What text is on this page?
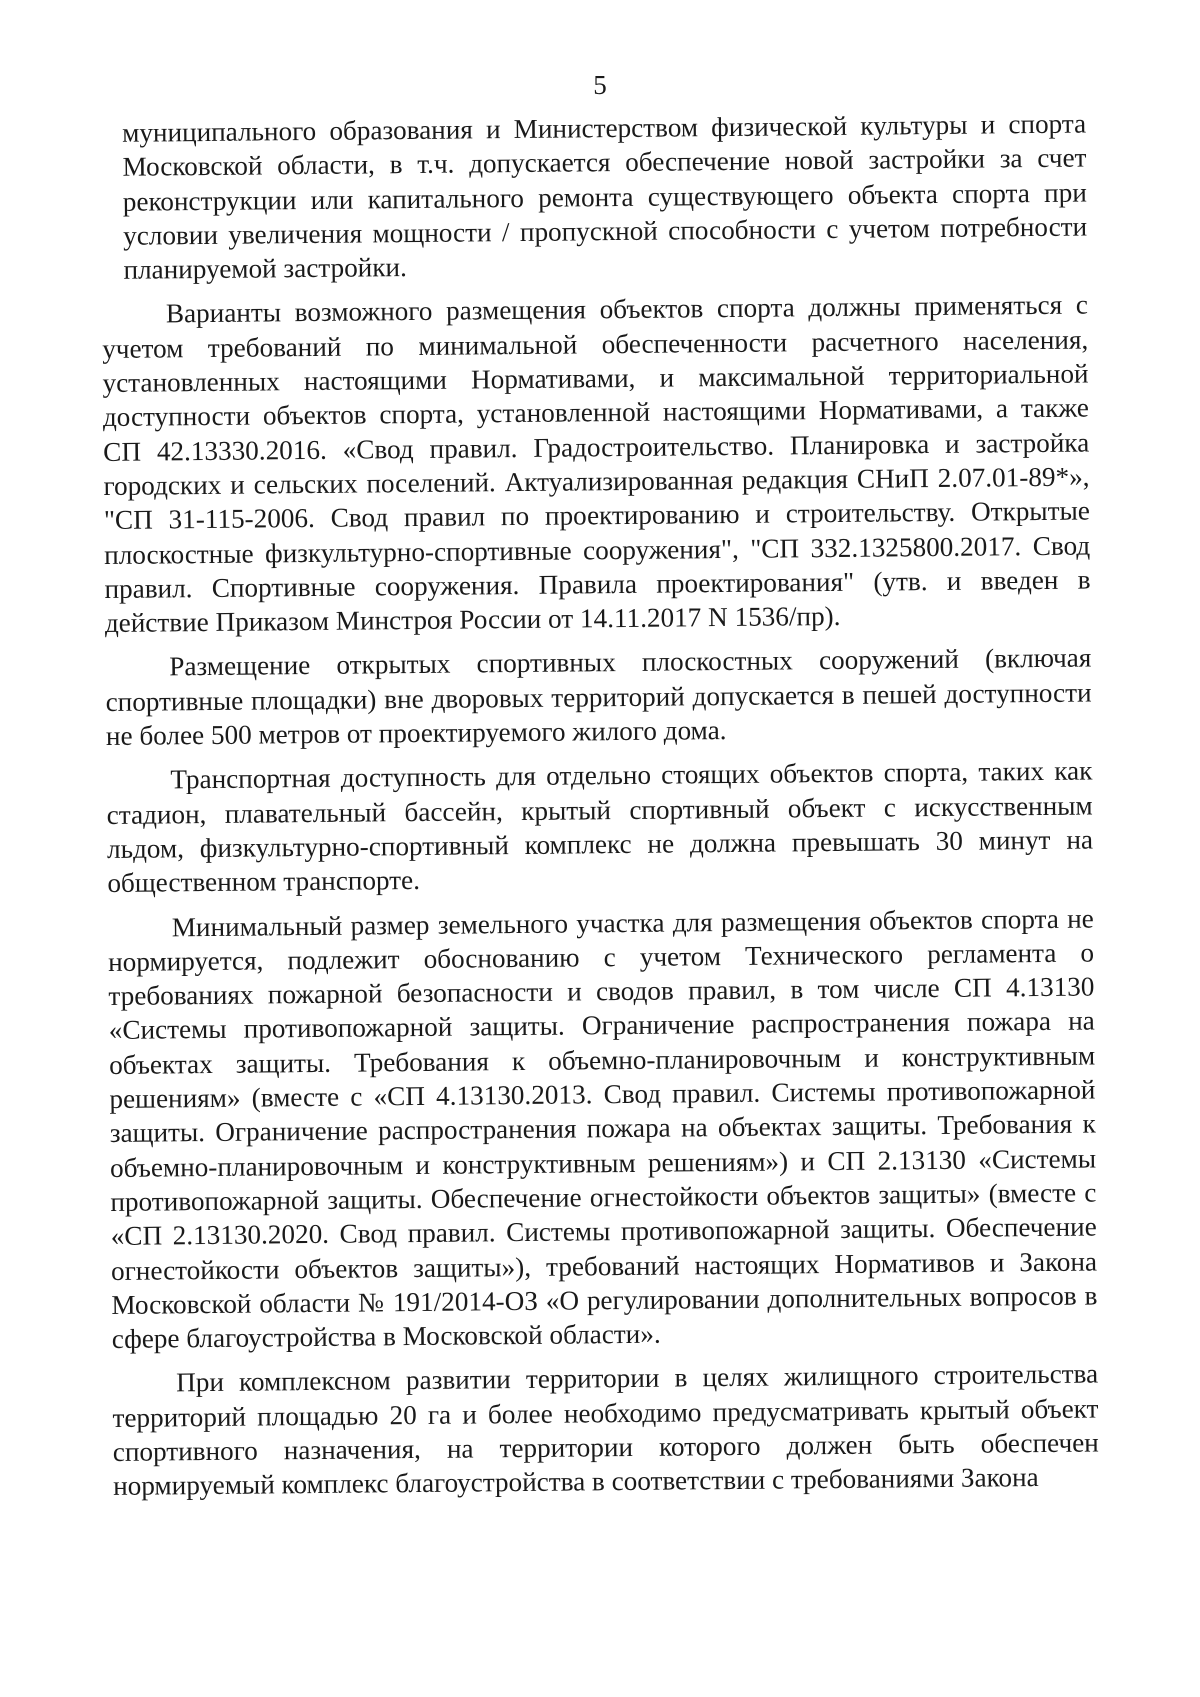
5

муниципального образования и Министерством физической культуры и спорта Московской области, в т.ч. допускается обеспечение новой застройки за счет реконструкции или капитального ремонта существующего объекта спорта при условии увеличения мощности / пропускной способности с учетом потребности планируемой застройки.

Варианты возможного размещения объектов спорта должны применяться с учетом требований по минимальной обеспеченности расчетного населения, установленных настоящими Нормативами, и максимальной территориальной доступности объектов спорта, установленной настоящими Нормативами, а также СП 42.13330.2016. «Свод правил. Градостроительство. Планировка и застройка городских и сельских поселений. Актуализированная редакция СНиП 2.07.01-89*», "СП 31-115-2006. Свод правил по проектированию и строительству. Открытые плоскостные физкультурно-спортивные сооружения", "СП 332.1325800.2017. Свод правил. Спортивные сооружения. Правила проектирования" (утв. и введен в действие Приказом Минстроя России от 14.11.2017 N 1536/пр).

Размещение открытых спортивных плоскостных сооружений (включая спортивные площадки) вне дворовых территорий допускается в пешей доступности не более 500 метров от проектируемого жилого дома.

Транспортная доступность для отдельно стоящих объектов спорта, таких как стадион, плавательный бассейн, крытый спортивный объект с искусственным льдом, физкультурно-спортивный комплекс не должна превышать 30 минут на общественном транспорте.

Минимальный размер земельного участка для размещения объектов спорта не нормируется, подлежит обоснованию с учетом Технического регламента о требованиях пожарной безопасности и сводов правил, в том числе СП 4.13130 «Системы противопожарной защиты. Ограничение распространения пожара на объектах защиты. Требования к объемно-планировочным и конструктивным решениям» (вместе с «СП 4.13130.2013. Свод правил. Системы противопожарной защиты. Ограничение распространения пожара на объектах защиты. Требования к объемно-планировочным и конструктивным решениям») и СП 2.13130 «Системы противопожарной защиты. Обеспечение огнестойкости объектов защиты» (вместе с «СП 2.13130.2020. Свод правил. Системы противопожарной защиты. Обеспечение огнестойкости объектов защиты»), требований настоящих Нормативов и Закона Московской области № 191/2014-ОЗ «О регулировании дополнительных вопросов в сфере благоустройства в Московской области».

При комплексном развитии территории в целях жилищного строительства территорий площадью 20 га и более необходимо предусматривать крытый объект спортивного назначения, на территории которого должен быть обеспечен нормируемый комплекс благоустройства в соответствии с требованиями Закона
